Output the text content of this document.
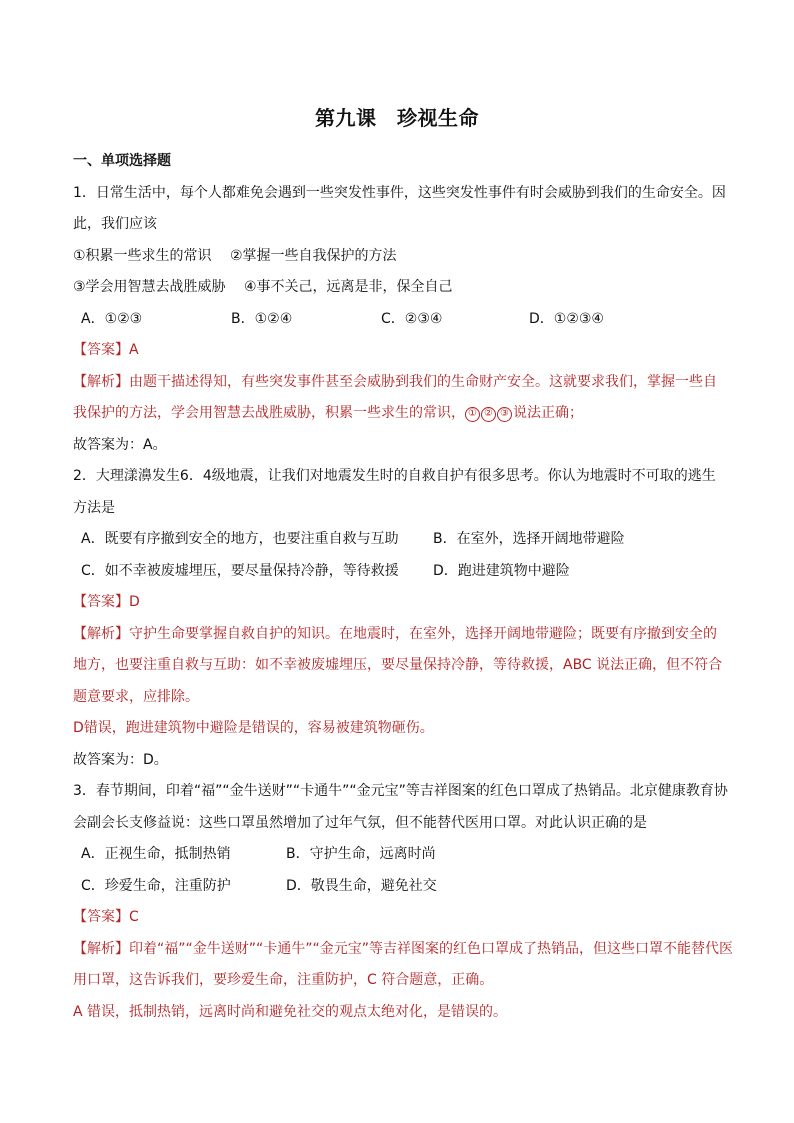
第九课　珍视生命
一、单项选择题
1．日常生活中，每个人都难免会遇到一些突发性事件，这些突发性事件有时会威胁到我们的生命安全。因
此，我们应该
①积累一些求生的常识　 ②掌握一些自我保护的方法
③学会用智慧去战胜威胁　 ④事不关己，远离是非，保全自己
A．①②③	B．①②④	C．②③④	D．①②③④
【答案】A
【解析】由题干描述得知，有些突发事件甚至会威胁到我们的生命财产安全。这就要求我们，掌握一些自
我保护的方法，学会用智慧去战胜威胁，积累一些求生的常识， ① ② ③ 说法正确；
故答案为：A。
2．大理漾濞发生6．4级地震，让我们对地震发生时的自救自护有很多思考。你认为地震时不可取的逃生
方法是
A．既要有序撤到安全的地方，也要注重自救与互助 B．在室外，选择开阔地带避险
C．如不幸被废墟埋压，要尽量保持冷静，等待救援 D．跑进建筑物中避险
【答案】D
【解析】守护生命要掌握自救自护的知识。在地震时，在室外，选择开阔地带避险；既要有序撤到安全的
地方，也要注重自救与互助：如不幸被废墟埋压，要尽量保持冷静，等待救援，ABC 说法正确，但不符合
题意要求，应排除。
D错误，跑进建筑物中避险是错误的，容易被建筑物砸伤。
故答案为：D。
3．春节期间，印着“福”“金牛送财”“卡通牛”“金元宝”等吉祥图案的红色口罩成了热销品。北京健康教育协
会副会长支修益说：这些口罩虽然增加了过年气氛，但不能替代医用口罩。对此认识正确的是
A．正视生命，抵制热销	B．守护生命，远离时尚
C．珍爱生命，注重防护	D．敬畏生命，避免社交
【答案】C
【解析】印着“福”“金牛送财”“卡通牛”“金元宝”等吉祥图案的红色口罩成了热销品，但这些口罩不能替代医
用口罩，这告诉我们，要珍爱生命，注重防护，C 符合题意，正确。
A 错误，抵制热销，远离时尚和避免社交的观点太绝对化，是错误的。
